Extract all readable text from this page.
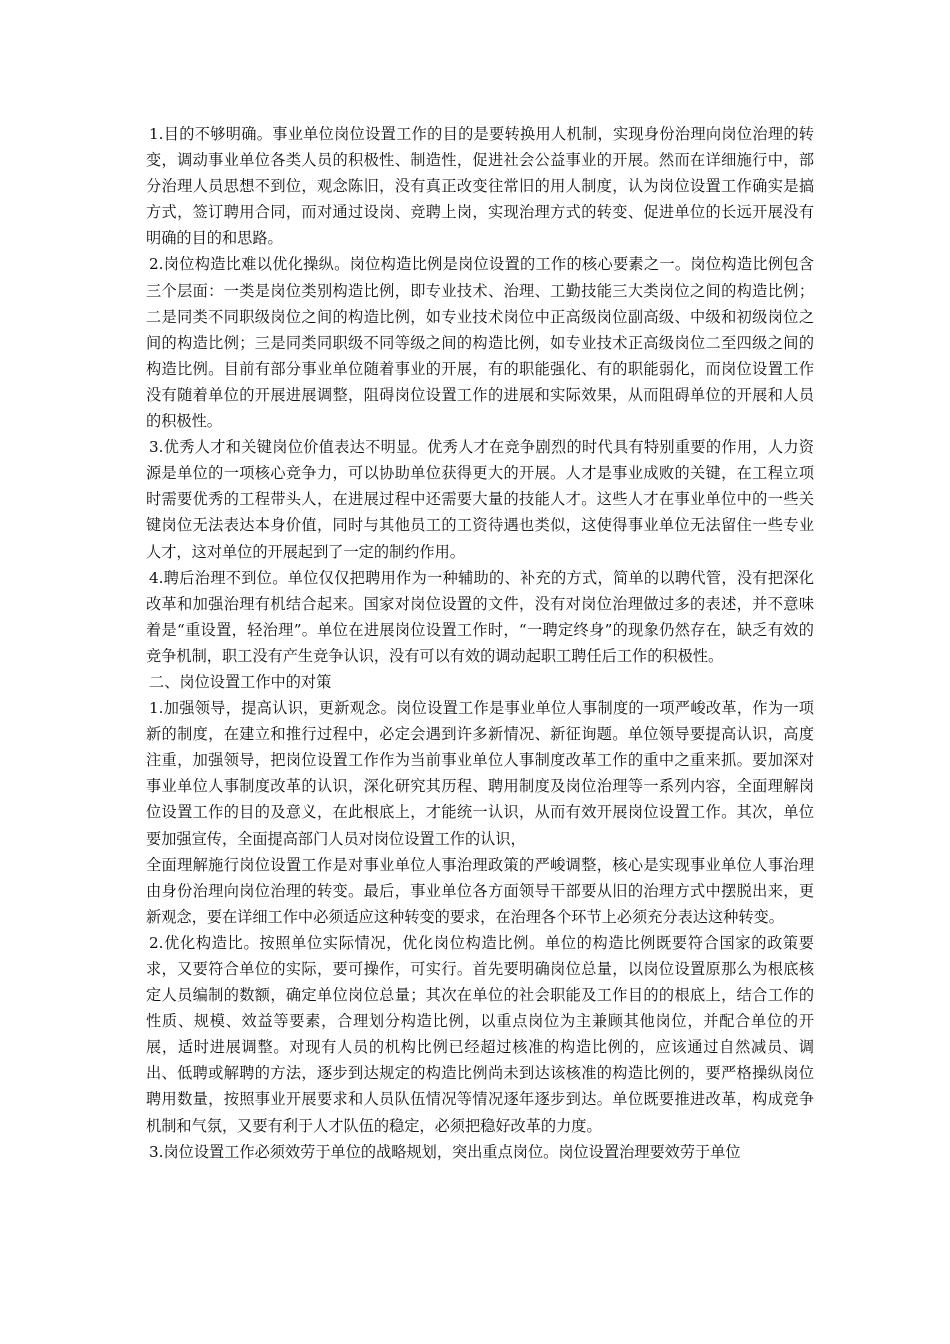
1.目的不够明确。事业单位岗位设置工作的目的是要转换用人机制，实现身份治理向岗位治理的转变，调动事业单位各类人员的积极性、制造性，促进社会公益事业的开展。然而在详细施行中，部分治理人员思想不到位，观念陈旧，没有真正改变往常旧的用人制度，认为岗位设置工作确实是搞方式，签订聘用合同，而对通过设岗、竞聘上岗，实现治理方式的转变、促进单位的长远开展没有明确的目的和思路。

2.岗位构造比难以优化操纵。岗位构造比例是岗位设置的工作的核心要素之一。岗位构造比例包含三个层面：一类是岗位类别构造比例，即专业技术、治理、工勤技能三大类岗位之间的构造比例；二是同类不同职级岗位之间的构造比例，如专业技术岗位中正高级岗位副高级、中级和初级岗位之间的构造比例；三是同类同职级不同等级之间的构造比例，如专业技术正高级岗位二至四级之间的构造比例。目前有部分事业单位随着事业的开展，有的职能强化、有的职能弱化，而岗位设置工作没有随着单位的开展进展调整，阻碍岗位设置工作的进展和实际效果，从而阻碍单位的开展和人员的积极性。

3.优秀人才和关键岗位价值表达不明显。优秀人才在竞争剧烈的时代具有特别重要的作用，人力资源是单位的一项核心竞争力，可以协助单位获得更大的开展。人才是事业成败的关键，在工程立项时需要优秀的工程带头人，在进展过程中还需要大量的技能人才。这些人才在事业单位中的一些关键岗位无法表达本身价值，同时与其他员工的工资待遇也类似，这使得事业单位无法留住一些专业人才，这对单位的开展起到了一定的制约作用。

4.聘后治理不到位。单位仅仅把聘用作为一种辅助的、补充的方式，简单的以聘代管，没有把深化改革和加强治理有机结合起来。国家对岗位设置的文件，没有对岗位治理做过多的表述，并不意味着是“重设置，轻治理”。单位在进展岗位设置工作时，“一聘定终身”的现象仍然存在，缺乏有效的竞争机制，职工没有产生竞争认识，没有可以有效的调动起职工聘任后工作的积极性。

二、岗位设置工作中的对策

1.加强领导，提高认识，更新观念。岗位设置工作是事业单位人事制度的一项严峻改革，作为一项新的制度，在建立和推行过程中，必定会遇到许多新情况、新征询题。单位领导要提高认识，高度注重，加强领导，把岗位设置工作作为当前事业单位人事制度改革工作的重中之重来抓。要加深对事业单位人事制度改革的认识，深化研究其历程、聘用制度及岗位治理等一系列内容，全面理解岗位设置工作的目的及意义，在此根底上，才能统一认识，从而有效开展岗位设置工作。其次，单位要加强宣传，全面提高部门人员对岗位设置工作的认识，

全面理解施行岗位设置工作是对事业单位人事治理政策的严峻调整，核心是实现事业单位人事治理由身份治理向岗位治理的转变。最后，事业单位各方面领导干部要从旧的治理方式中摆脱出来，更新观念，要在详细工作中必须适应这种转变的要求，在治理各个环节上必须充分表达这种转变。

2.优化构造比。按照单位实际情况，优化岗位构造比例。单位的构造比例既要符合国家的政策要求，又要符合单位的实际，要可操作，可实行。首先要明确岗位总量，以岗位设置原那么为根底核定人员编制的数额，确定单位岗位总量；其次在单位的社会职能及工作目的的根底上，结合工作的性质、规模、效益等要素，合理划分构造比例，以重点岗位为主兼顾其他岗位，并配合单位的开展，适时进展调整。对现有人员的机构比例已经超过核准的构造比例的，应该通过自然减员、调出、低聘或解聘的方法，逐步到达规定的构造比例尚未到达该核准的构造比例的，要严格操纵岗位聘用数量，按照事业开展要求和人员队伍情况等情况逐年逐步到达。单位既要推进改革，构成竞争机制和气氛，又要有利于人才队伍的稳定，必须把稳好改革的力度。

3.岗位设置工作必须效劳于单位的战略规划，突出重点岗位。岗位设置治理要效劳于单位
